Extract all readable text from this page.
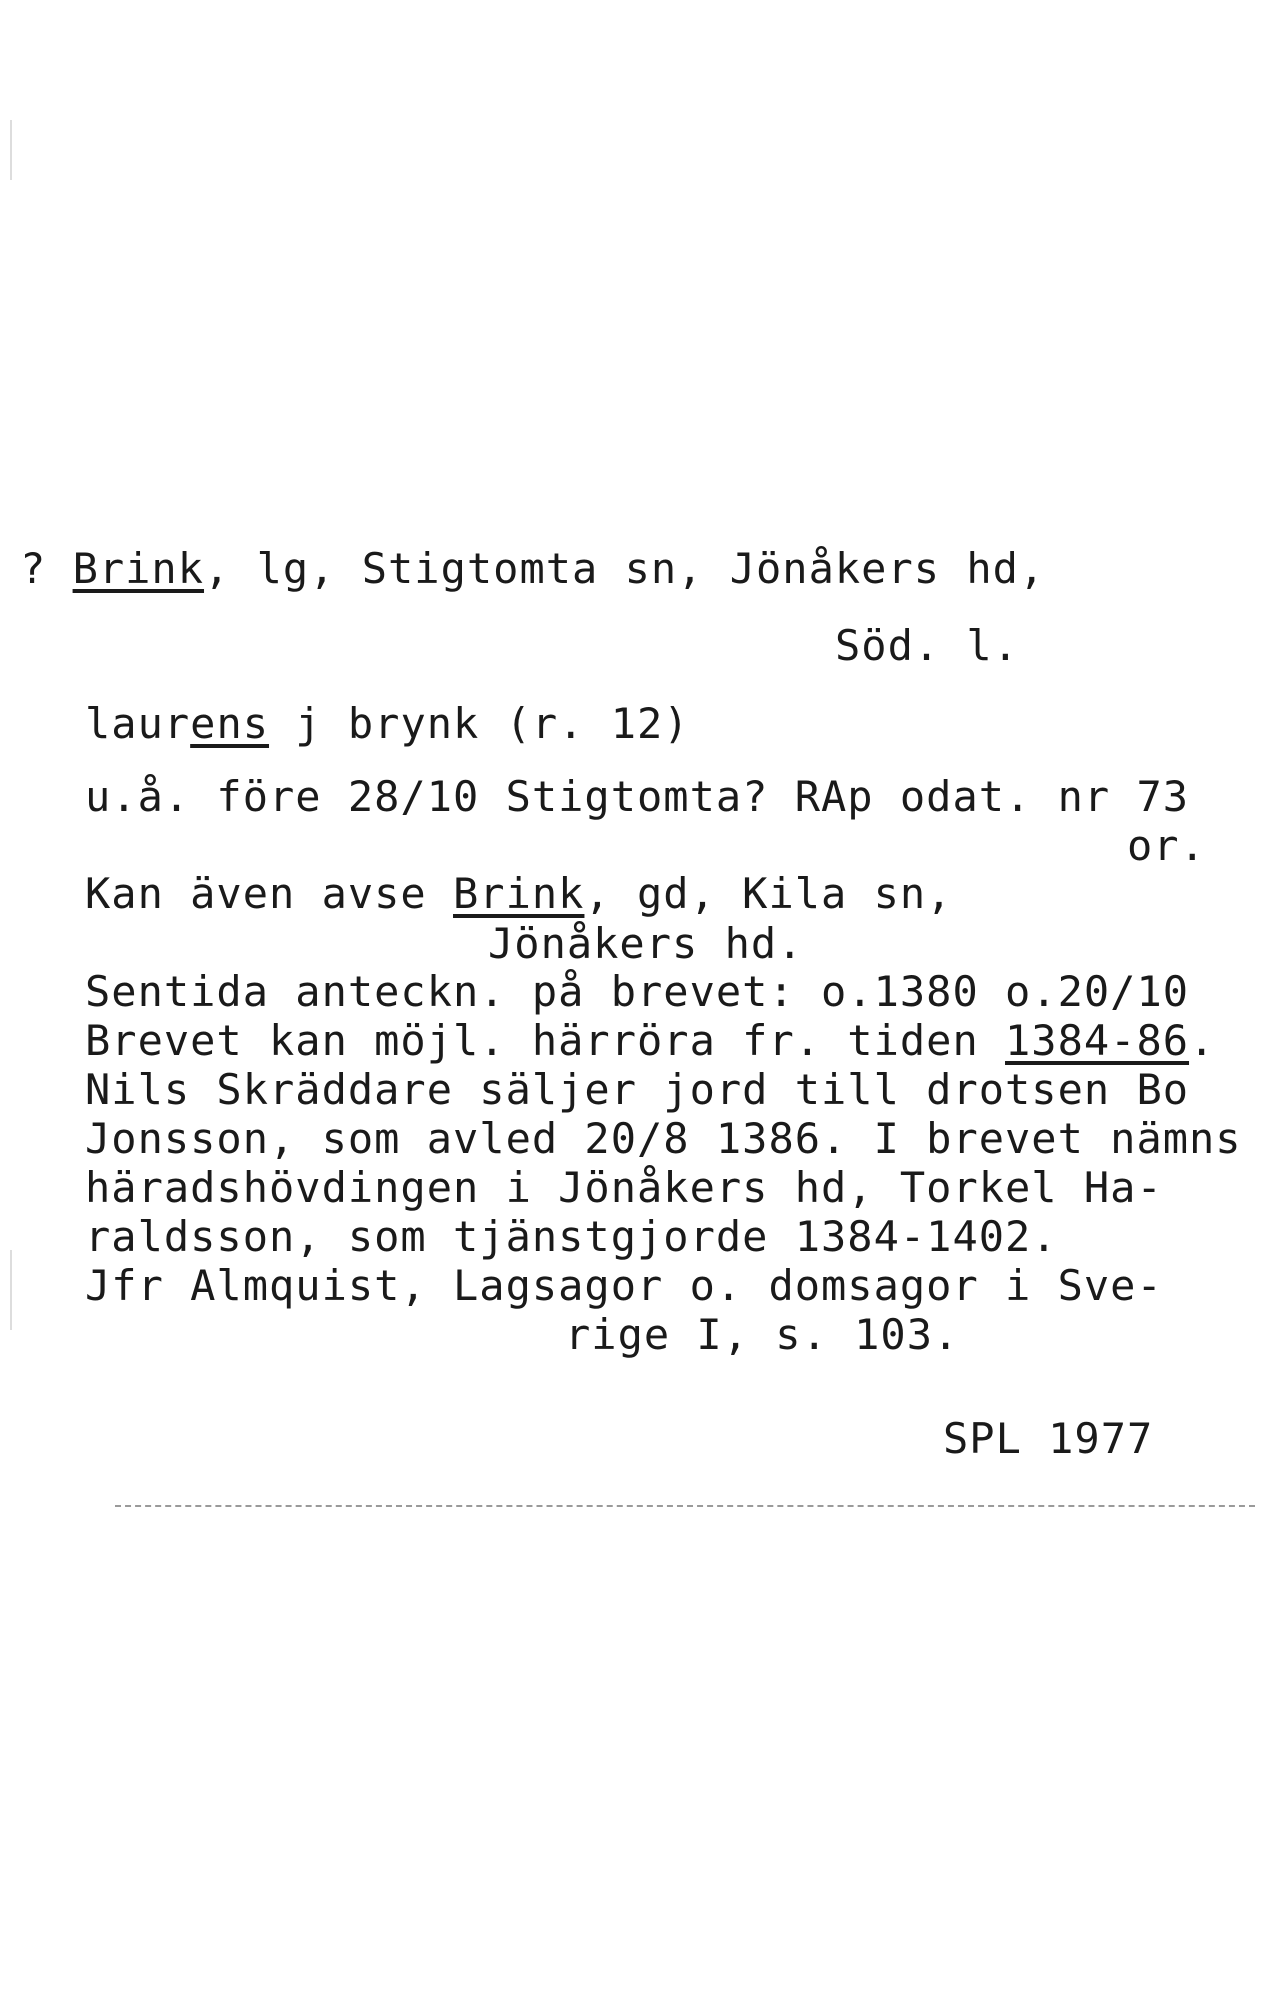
? Brink, lg, Stigtomta sn, Jönåkers hd,
Söd. l.
laurens j brynk (r. 12)
u.å. före 28/10 Stigtomta? RAp odat. nr 73
or.
Kan även avse Brink, gd, Kila sn,
Jönåkers hd.
Sentida anteckn. på brevet: o.1380 o.20/10
Brevet kan möjl. härröra fr. tiden 1384-86.
Nils Skräddare säljer jord till drotsen Bo
Jonsson, som avled 20/8 1386. I brevet nämns
häradshövdingen i Jönåkers hd, Torkel Ha-
raldsson, som tjänstgjorde 1384-1402.
Jfr Almquist, Lagsagor o. domsagor i Sve-
rige I, s. 103.
SPL 1977
